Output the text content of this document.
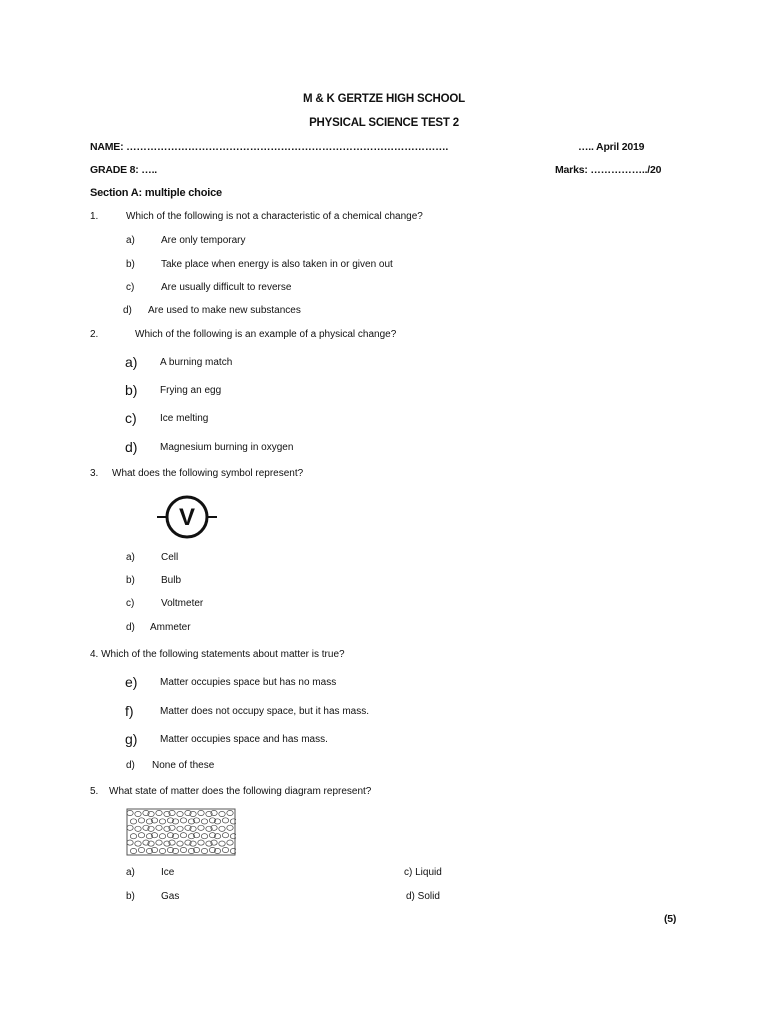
M & K GERTZE HIGH SCHOOL
PHYSICAL SCIENCE TEST 2
NAME: ………………………………………………………………………………….	….. April 2019
GRADE 8: …..	Marks: ……………../20
Section A: multiple choice
1.	Which of the following is not a characteristic of a chemical change?
a)	Are only temporary
b)	Take place when energy is also taken in or given out
c)	Are usually difficult to reverse
d) Are used to make new substances
2.	Which of the following is an example of a physical change?
a) A burning match
b) Frying an egg
c) Ice melting
d) Magnesium burning in oxygen
3. What does the following symbol represent?
V
a)	Cell
b)	Bulb
c)	Voltmeter
d) Ammeter
4. Which of the following statements about matter is true?
e) Matter occupies space but has no mass
f)	Matter does not occupy space, but it has mass.
g) Matter occupies space and has mass.
d) None of these
5. What state of matter does the following diagram represent?
a)	Ice
b)	Gas
c) Liquid
d) Solid
(5)
